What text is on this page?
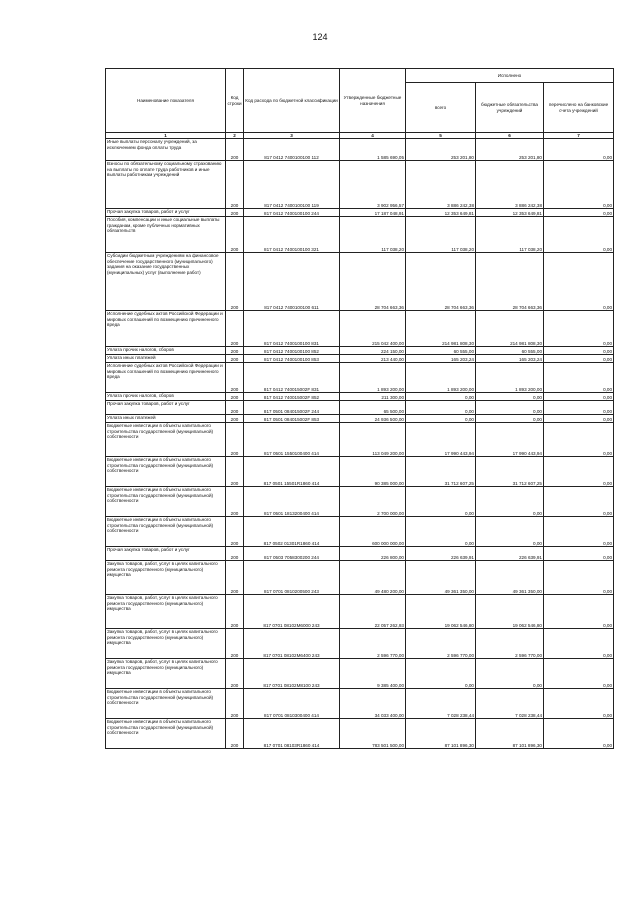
124
Наименование показателя	Код строки	Код расхода по бюджетной классификации	Утвержденные бюджетные назначения	Исполнено		
				всего	бюджетные обязательства учреждений	перечислено на банковские счета учреждений
1	2	3	4	5	6	7
Иные выплаты персоналу учреждений, за исключением фонда оплаты труда	200	817 0412 7400100100 112	1 585 690,05	253 201,80	253 201,80	0,00
Взносы по обязательному социальному страхованию на выплаты по оплате труда работников и иные выплаты работникам учреждений	200	817 0412 7400100100 119	3 902 956,57	3 886 242,38	3 886 242,38	0,00
Прочая закупка товаров, работ и услуг	200	817 0412 7400100100 244	17 187 048,91	12 353 649,81	12 353 649,81	0,00
Пособия, компенсации и иные социальные выплаты гражданам, кроме публичных нормативных обязательств	200	817 0412 7400100100 321	117 038,20	117 038,20	117 038,20	0,00
Субсидии бюджетным учреждениям на финансовое обеспечение государственного (муниципального) задания на оказание государственных (муниципальных) услуг (выполнение работ)	200	817 0412 7400100100 611	28 704 663,36	28 704 663,36	28 704 663,36	0,00
Исполнение судебных актов Российской Федерации и мировых соглашений по возмещению причиненного вреда	200	817 0412 7400100100 831	215 042 400,00	214 981 808,30	214 981 808,30	0,00
Уплата прочих налогов, сборов	200	817 0412 7400100100 852	224 150,00	60 555,00	60 555,00	0,00
Уплата иных платежей	200	817 0412 7400100100 853	213 440,00	165 203,24	165 203,24	0,00
Исполнение судебных актов Российской Федерации и мировых соглашений по возмещению причиненного вреда	200	817 0412 740015002F 831	1 893 200,00	1 893 200,00	1 893 200,00	0,00
Уплата прочих налогов, сборов	200	817 0412 740015002F 852	211 300,00	0,00	0,00	0,00
Прочая закупка товаров, работ и услуг	200	817 0501 084015002F 244	65 500,00	0,00	0,00	0,00
Уплата иных платежей	200	817 0501 084015002F 853	24 936 500,00	0,00	0,00	0,00
Бюджетные инвестиции в объекты капитального строительства государственной (муниципальной) собственности	200	817 0501 1550100400 414	113 049 200,00	17 990 443,94	17 990 443,94	0,00
Бюджетные инвестиции в объекты капитального строительства государственной (муниципальной) собственности	200	817 0501 15501R1860 414	90 385 000,00	31 712 607,25	31 712 607,25	0,00
Бюджетные инвестиции в объекты капитального строительства государственной (муниципальной) собственности	200	817 0501 1813200400 414	2 700 000,00	0,00	0,00	0,00
Бюджетные инвестиции в объекты капитального строительства государственной (муниципальной) собственности	200	817 0502 01301R1860 414	600 000 000,00	0,00	0,00	0,00
Прочая закупка товаров, работ и услуг	200	817 0503 7058300200 244	226 800,00	226 639,91	226 639,91	0,00
Закупка товаров, работ, услуг в целях капитального ремонта государственного (муниципального) имущества	200	817 0701 0810200500 243	49 480 200,00	49 361 350,00	49 361 350,00	0,00
Закупка товаров, работ, услуг в целях капитального ремонта государственного (муниципального) имущества	200	817 0701 08102M6000 243	22 057 262,93	19 062 546,80	19 062 546,80	0,00
Закупка товаров, работ, услуг в целях капитального ремонта государственного (муниципального) имущества	200	817 0701 08102M6400 243	2 596 770,00	2 596 770,00	2 596 770,00	0,00
Закупка товаров, работ, услуг в целях капитального ремонта государственного (муниципального) имущества	200	817 0701 08102M8100 243	9 385 400,00	0,00	0,00	0,00
Бюджетные инвестиции в объекты капитального строительства государственной (муниципальной) собственности	200	817 0701 0810300400 414	34 033 400,00	7 028 238,44	7 028 238,44	0,00
Бюджетные инвестиции в объекты капитального строительства государственной (муниципальной) собственности	200	817 0701 08103R1860 414	783 501 500,00	87 101 896,30	87 101 896,30	0,00
